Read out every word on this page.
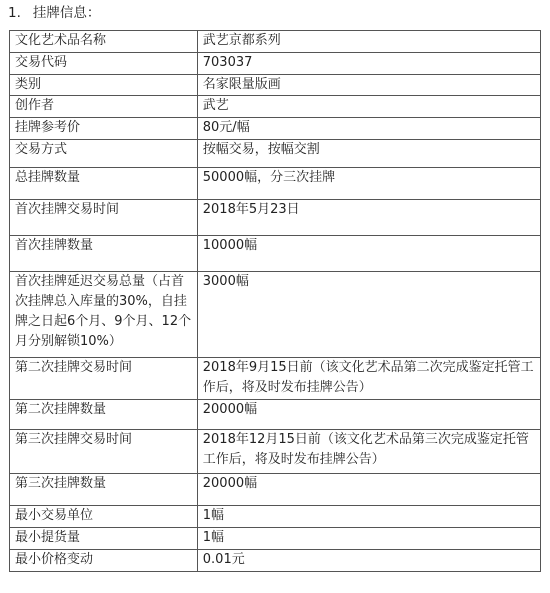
1. 挂牌信息：
文化艺术品名称	武艺京都系列
交易代码	703037
类别	名家限量版画
创作者	武艺
挂牌参考价	80元/幅
交易方式	按幅交易，按幅交割
总挂牌数量	50000幅，分三次挂牌
首次挂牌交易时间	2018年5月23日
首次挂牌数量	10000幅
首次挂牌延迟交易总量（占首次挂牌总入库量的30%，自挂牌之日起6个月、9个月、12个月分别解锁10%）	3000幅
第二次挂牌交易时间	2018年9月15日前（该文化艺术品第二次完成鉴定托管工作后，将及时发布挂牌公告）
第二次挂牌数量	20000幅
第三次挂牌交易时间	2018年12月15日前（该文化艺术品第三次完成鉴定托管工作后，将及时发布挂牌公告）
第三次挂牌数量	20000幅
最小交易单位	1幅
最小提货量	1幅
最小价格变动	0.01元
